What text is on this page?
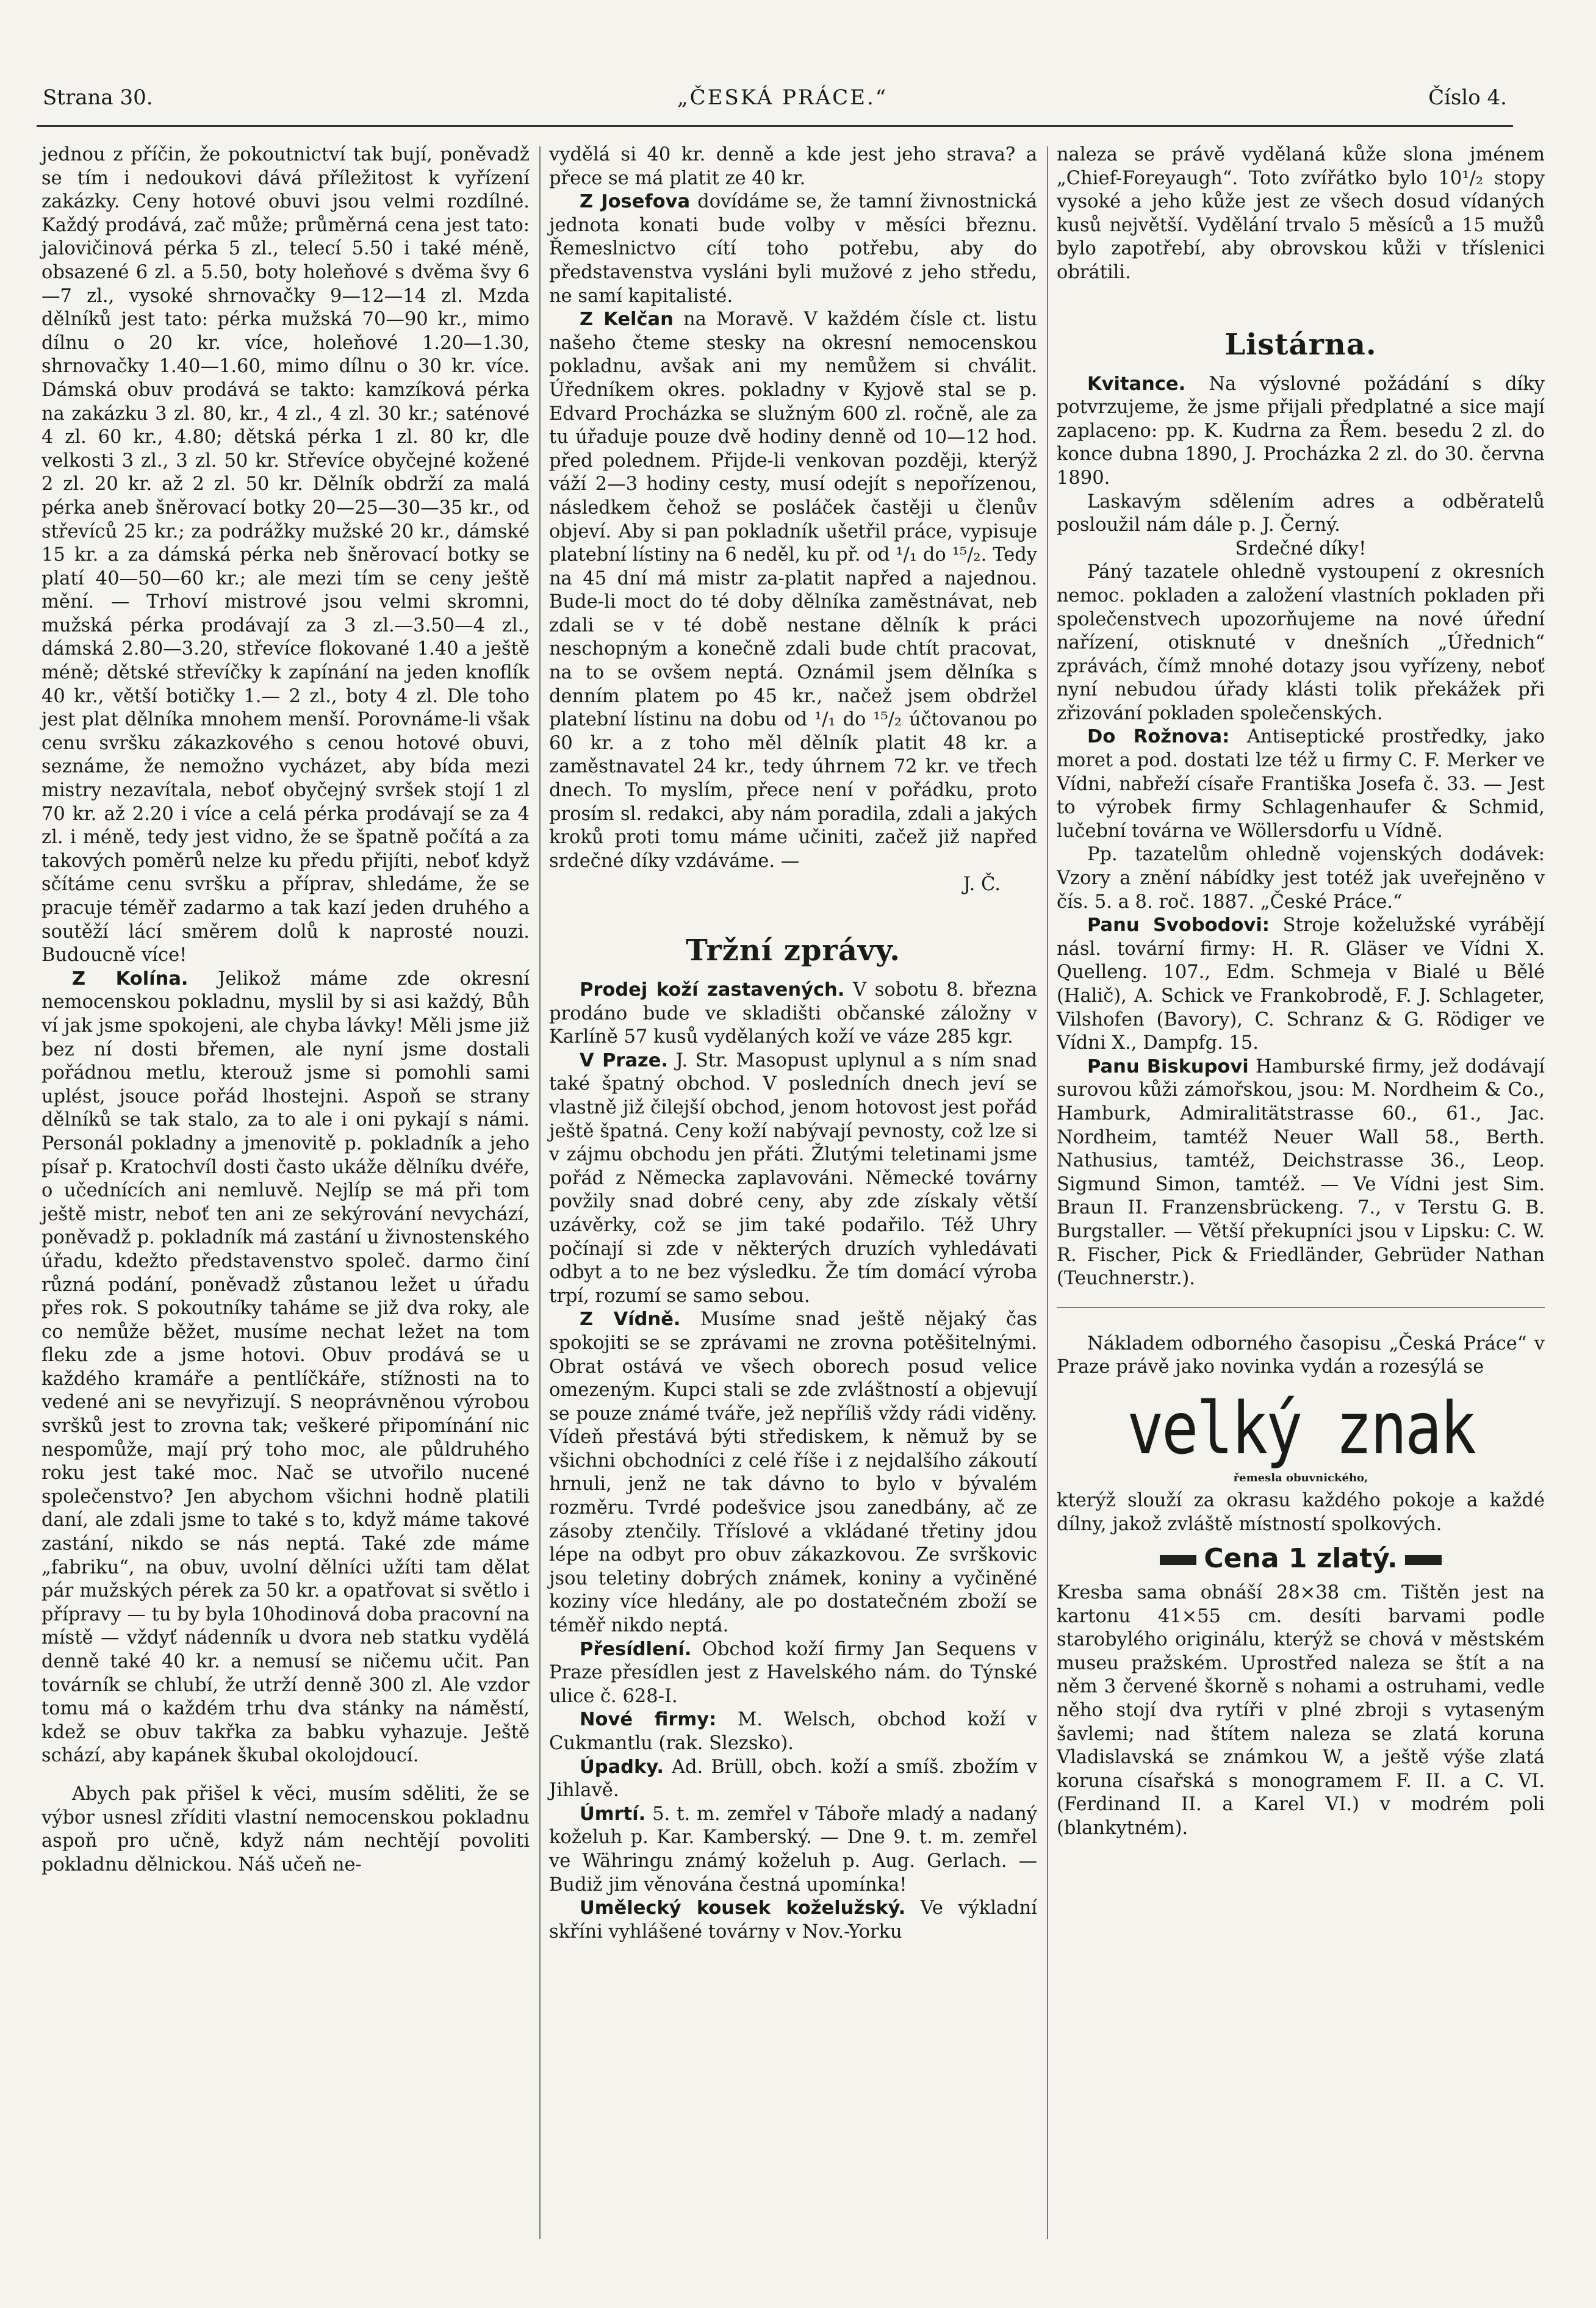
Strana 30.	„ČESKÁ PRÁCE.“	Číslo 4.

jednou z příčin, že pokoutnictví tak bují, poněvadž se tím i nedoukovi dává příležitost k vyřízení zakázky. Ceny hotové obuvi jsou velmi rozdílné. Každý prodává, zač může; průměrná cena jest tato: jalovičinová pérka 5 zl., telecí 5.50 i také méně, obsazené 6 zl. a 5.50, boty holeňové s dvěma švy 6—7 zl., vysoké shrnovačky 9—12—14 zl. Mzda dělníků jest tato: pérka mužská 70—90 kr., mimo dílnu o 20 kr. více, holeňové 1.20—1.30, shrnovačky 1.40—1.60, mimo dílnu o 30 kr. více. Dámská obuv prodává se takto: kamzíková pérka na zakázku 3 zl. 80, kr., 4 zl., 4 zl. 30 kr.; saténové 4 zl. 60 kr., 4.80; dětská pérka 1 zl. 80 kr, dle velkosti 3 zl., 3 zl. 50 kr. Střevíce obyčejné kožené 2 zl. 20 kr. až 2 zl. 50 kr. Dělník obdrží za malá pérka aneb šněrovací botky 20—25—30—35 kr., od střevíců 25 kr.; za podrážky mužské 20 kr., dámské 15 kr. a za dámská pérka neb šněrovací botky se platí 40—50—60 kr.; ale mezi tím se ceny ještě mění. — Trhoví mistrové jsou velmi skromni, mužská pérka prodávají za 3 zl.—3.50—4 zl., dámská 2.80—3.20, střevíce flokované 1.40 a ještě méně; dětské střevíčky k zapínání na jeden knoflík 40 kr., větší botičky 1.— 2 zl., boty 4 zl. Dle toho jest plat dělníka mnohem menší. Porovnáme-li však cenu svršku zákazkového s cenou hotové obuvi, seznáme, že nemožno vycházet, aby bída mezi mistry nezavítala, neboť obyčejný svršek stojí 1 zl 70 kr. až 2.20 i více a celá pérka prodávají se za 4 zl. i méně, tedy jest vidno, že se špatně počítá a za takových poměrů nelze ku předu přijíti, neboť když sčítáme cenu svršku a příprav, shledáme, že se pracuje téměř zadarmo a tak kazí jeden druhého a soutěží lácí směrem dolů k naprosté nouzi. Budoucně více!

Z Kolína. Jelikož máme zde okresní nemocenskou pokladnu, myslil by si asi každý, Bůh ví jak jsme spokojeni, ale chyba lávky! Měli jsme již bez ní dosti břemen, ale nyní jsme dostali pořádnou metlu, kterouž jsme si pomohli sami uplést, jsouce pořád lhostejni. Aspoň se strany dělníků se tak stalo, za to ale i oni pykají s námi. Personál pokladny a jmenovitě p. pokladník a jeho písař p. Kratochvíl dosti často ukáže dělníku dvéře, o učednících ani nemluvě. Nejlíp se má při tom ještě mistr, neboť ten ani ze sekýrování nevychází, poněvadž p. pokladník má zastání u živnostenského úřadu, kdežto představenstvo společ. darmo činí různá podání, poněvadž zůstanou ležet u úřadu přes rok. S pokoutníky taháme se již dva roky, ale co nemůže běžet, musíme nechat ležet na tom fleku zde a jsme hotovi. Obuv prodává se u každého kramáře a pentlíčkáře, stížnosti na to vedené ani se nevyřizují. S neoprávněnou výrobou svršků jest to zrovna tak; veškeré připomínání nic nespomůže, mají prý toho moc, ale půldruhého roku jest také moc. Nač se utvořilo nucené společenstvo? Jen abychom všichni hodně platili daní, ale zdali jsme to také s to, když máme takové zastání, nikdo se nás neptá. Také zde máme „fabriku“, na obuv, uvolní dělníci užíti tam dělat pár mužských pérek za 50 kr. a opatřovat si světlo i přípravy — tu by byla 10hodinová doba pracovní na místě — vždyť nádenník u dvora neb statku vydělá denně také 40 kr. a nemusí se ničemu učit. Pan továrník se chlubí, že utrží denně 300 zl. Ale vzdor tomu má o každém trhu dva stánky na náměstí, kdež se obuv takřka za babku vyhazuje. Ještě schází, aby kapánek škubal okolojdoucí.

Abych pak přišel k věci, musím sděliti, že se výbor usnesl zříditi vlastní nemocenskou pokladnu aspoň pro učně, když nám nechtějí povoliti pokladnu dělnickou. Náš učeň ne-

vydělá si 40 kr. denně a kde jest jeho strava? a přece se má platit ze 40 kr.

Z Josefova dovídáme se, že tamní živnostnická jednota konati bude volby v měsíci březnu. Řemeslnictvo cítí toho potřebu, aby do představenstva vysláni byli mužové z jeho středu, ne samí kapitalisté.

Z Kelčan na Moravě. V každém čísle ct. listu našeho čteme stesky na okresní nemocenskou pokladnu, avšak ani my nemůžem si chválit. Úředníkem okres. pokladny v Kyjově stal se p. Edvard Procházka se služným 600 zl. ročně, ale za tu úřaduje pouze dvě hodiny denně od 10—12 hod. před polednem. Přijde-li venkovan později, kterýž váží 2—3 hodiny cesty, musí odejít s nepořízenou, následkem čehož se posláček častěji u členův objeví. Aby si pan pokladník ušetřil práce, vypisuje platební lístiny na 6 neděl, ku př. od ¹/₁ do ¹⁵/₂. Tedy na 45 dní má mistr za-platit napřed a najednou. Bude-li moct do té doby dělníka zaměstnávat, neb zdali se v té době nestane dělník k práci neschopným a konečně zdali bude chtít pracovat, na to se ovšem neptá. Oznámil jsem dělníka s denním platem po 45 kr., načež jsem obdržel platební lístinu na dobu od ¹/₁ do ¹⁵/₂ účtovanou po 60 kr. a z toho měl dělník platit 48 kr. a zaměstnavatel 24 kr., tedy úhrnem 72 kr. ve třech dnech. To myslím, přece není v pořádku, proto prosím sl. redakci, aby nám poradila, zdali a jakých kroků proti tomu máme učiniti, začež již napřed srdečné díky vzdáváme. —

J. Č.
Tržní zprávy.

Prodej koží zastavených. V sobotu 8. března prodáno bude ve skladišti občanské záložny v Karlíně 57 kusů vydělaných koží ve váze 285 kgr.

V Praze. J. Str. Masopust uplynul a s ním snad také špatný obchod. V posledních dnech jeví se vlastně již čilejší obchod, jenom hotovost jest pořád ještě špatná. Ceny koží nabývají pevnosty, což lze si v zájmu obchodu jen přáti. Žlutými teletinami jsme pořád z Německa zaplavováni. Německé továrny povžily snad dobré ceny, aby zde získaly větší uzávěrky, což se jim také podařilo. Též Uhry počínají si zde v některých druzích vyhledávati odbyt a to ne bez výsledku. Že tím domácí výroba trpí, rozumí se samo sebou.

Z Vídně. Musíme snad ještě nějaký čas spokojiti se se zprávami ne zrovna potěšitelnými. Obrat ostává ve všech oborech posud velice omezeným. Kupci stali se zde zvláštností a objevují se pouze známé tváře, jež nepříliš vždy rádi viděny. Vídeň přestává býti střediskem, k němuž by se všichni obchodníci z celé říše i z nejdalšího zákoutí hrnuli, jenž ne tak dávno to bylo v bývalém rozměru. Tvrdé podešvice jsou zanedbány, ač ze zásoby ztenčily. Tříslové a vkládané třetiny jdou lépe na odbyt pro obuv zákazkovou. Ze svrškovic jsou teletiny dobrých známek, koniny a vyčiněné koziny více hledány, ale po dostatečném zboží se téměř nikdo neptá.

Přesídlení. Obchod koží firmy Jan Sequens v Praze přesídlen jest z Havelského nám. do Týnské ulice č. 628-I.

Nové firmy: M. Welsch, obchod koží v Cukmantlu (rak. Slezsko).

Úpadky. Ad. Brüll, obch. koží a smíš. zbožím v Jihlavě.

Úmrtí. 5. t. m. zemřel v Táboře mladý a nadaný koželuh p. Kar. Kamberský. — Dne 9. t. m. zemřel ve Währingu známý koželuh p. Aug. Gerlach. — Budiž jim věnována čestná upomínka!

Umělecký kousek koželužský. Ve výkladní skříni vyhlášené továrny v Nov.-Yorku

naleza se právě vydělaná kůže slona jménem „Chief-Foreyaugh“. Toto zvířátko bylo 10¹/₂ stopy vysoké a jeho kůže jest ze všech dosud vídaných kusů největší. Vydělání trvalo 5 měsíců a 15 mužů bylo zapotřebí, aby obrovskou kůži v tříslenici obrátili.

Listárna.

Kvitance. Na výslovné požádání s díky potvrzujeme, že jsme přijali předplatné a sice mají zaplaceno: pp. K. Kudrna za Řem. besedu 2 zl. do konce dubna 1890, J. Procházka 2 zl. do 30. června 1890.

Laskavým sdělením adres a odběratelů posloužil nám dále p. J. Černý.

Srdečné díky!

Páný tazatele ohledně vystoupení z okresních nemoc. pokladen a založení vlastních pokladen při společenstvech upozorňujeme na nové úřední nařízení, otisknuté v dnešních „Úřednich“ zprávách, čímž mnohé dotazy jsou vyřízeny, neboť nyní nebudou úřady klásti tolik překážek při zřizování pokladen společenských.

Do Rožnova: Antiseptické prostředky, jako moret a pod. dostati lze též u firmy C. F. Merker ve Vídni, nabřeží císaře Františka Josefa č. 33. — Jest to výrobek firmy Schlagenhaufer & Schmid, lučební továrna ve Wöllersdorfu u Vídně.

Pp. tazatelům ohledně vojenských dodávek: Vzory a znění nábídky jest totéž jak uveřejněno v čís. 5. a 8. roč. 1887. „České Práce.“

Panu Svobodovi: Stroje koželužské vyrábějí násl. tovární firmy: H. R. Gläser ve Vídni X. Quelleng. 107., Edm. Schmeja v Bialé u Bělé (Halič), A. Schick ve Frankobrodě, F. J. Schlageter, Vilshofen (Bavory), C. Schranz & G. Rödiger ve Vídni X., Dampfg. 15.

Panu Biskupovi Hamburské firmy, jež dodávají surovou kůži zámořskou, jsou: M. Nordheim & Co., Hamburk, Admiralitätstrasse 60., 61., Jac. Nordheim, tamtéž Neuer Wall 58., Berth. Nathusius, tamtéž, Deichstrasse 36., Leop. Sigmund Simon, tamtéž. — Ve Vídni jest Sim. Braun II. Franzensbrückeng. 7., v Terstu G. B. Burgstaller. — Větší překupníci jsou v Lipsku: C. W. R. Fischer, Pick & Friedländer, Gebrüder Nathan (Teuchnerstr.).

Nákladem odborného časopisu „Česká Práce“ v Praze právě jako novinka vydán a rozesýlá se

velký znak
řemesla obuvnického,

kterýž slouží za okrasu každého pokoje a každé dílny, jakož zvláště místností spolkových.

Cena 1 zlatý.

Kresba sama obnáší 28×38 cm. Tištěn jest na kartonu 41×55 cm. desíti barvami podle starobylého originálu, kterýž se chová v městském museu pražském. Uprostřed naleza se štít a na něm 3 červené škorně s nohami a ostruhami, vedle něho stojí dva rytíři v plné zbroji s vytaseným šavlemi; nad štítem naleza se zlatá koruna Vladislavská se známkou W, a ještě výše zlatá koruna císařská s monogramem F. II. a C. VI. (Ferdinand II. a Karel VI.) v modrém poli (blankytném).
